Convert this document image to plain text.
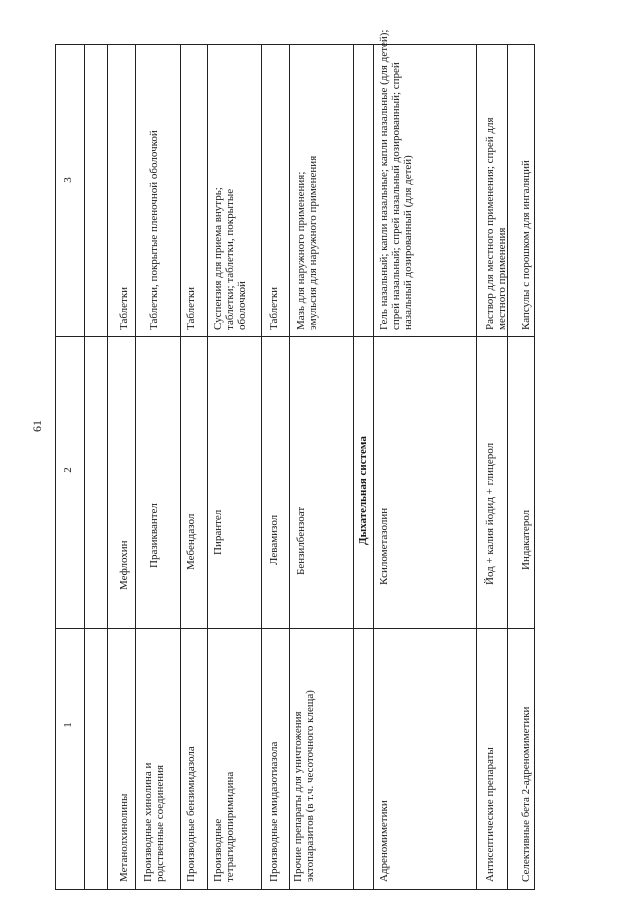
61
1
2
3
Метанолхинолины
Мефлохин
Таблетки
Производные хинолина и родственные соединения
Празиквантел
Таблетки, покрытые пленочной оболочкой
Производные бензимидазола
Мебендазол
Таблетки
Производные тетрагидропиримидина
Пирантел
Суспензия для приема внутрь; таблетки; таблетки, покрытые оболочкой
Производные имидазотиазола
Левамизол
Таблетки
Прочие препараты для уничтожения эктопаразитов (в т.ч. чесоточного клеща)
Бензилбензоат
Мазь для наружного применения; эмульсия для наружного применения
Дыхательная система
Адреномиметики
Ксилометазолин
Гель назальный; капли назальные; капли назальные (для детей); спрей назальный; спрей назальный дозированный; спрей назальный дозированный (для детей)
Антисептические препараты
Йод + калия йодид + глицерол
Раствор для местного применения; спрей для местного применения
Селективные бета 2-адреномиметики
Индакатерол
Капсулы с порошком для ингаляций
